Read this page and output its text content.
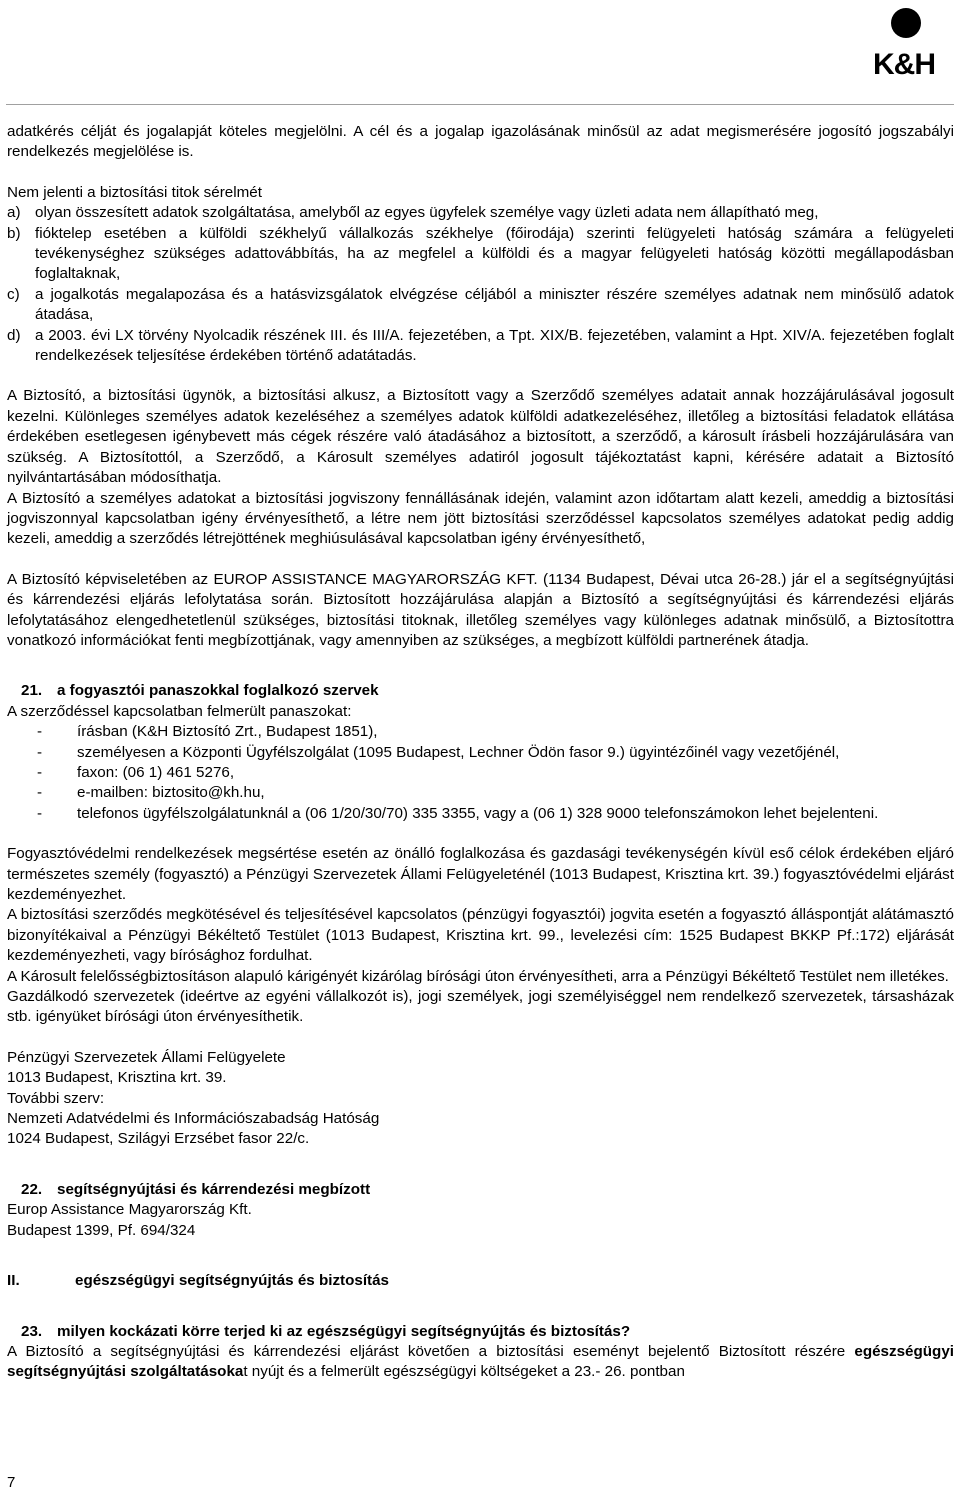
K&H

adatkérés célját és jogalapját köteles megjelölni. A cél és a jogalap igazolásának minősül az adat megismerésére jogosító jogszabályi rendelkezés megjelölése is.

Nem jelenti a biztosítási titok sérelmét

a) olyan összesített adatok szolgáltatása, amelyből az egyes ügyfelek személye vagy üzleti adata nem állapítható meg,
b) fióktelep esetében a külföldi székhelyű vállalkozás székhelye (főirodája) szerinti felügyeleti hatóság számára a felügyeleti tevékenységhez szükséges adattovábbítás, ha az megfelel a külföldi és a magyar felügyeleti hatóság közötti megállapodásban foglaltaknak,
c)	a jogalkotás megalapozása és a hatásvizsgálatok elvégzése céljából a miniszter részére személyes adatnak nem minősülő adatok átadása,
d) a 2003. évi LX törvény Nyolcadik részének III. és III/A. fejezetében, a Tpt. XIX/B. fejezetében, valamint a Hpt. XIV/A. fejezetében foglalt rendelkezések teljesítése érdekében történő adatátadás.

A Biztosító, a biztosítási ügynök, a biztosítási alkusz, a Biztosított vagy a Szerződő személyes adatait annak hozzájárulásával jogosult kezelni. Különleges személyes adatok kezeléséhez a személyes adatok külföldi adatkezeléséhez, illetőleg a biztosítási feladatok ellátása érdekében esetlegesen igénybevett más cégek részére való átadásához a biztosított, a szerződő, a károsult írásbeli hozzájárulására van szükség. A Biztosítottól, a Szerződő, a Károsult személyes adatiról jogosult tájékoztatást kapni, kérésére adatait a Biztosító nyilvántartásában módosíthatja.

A Biztosító a személyes adatokat a biztosítási jogviszony fennállásának idején, valamint azon időtartam alatt kezeli, ameddig a biztosítási jogviszonnyal kapcsolatban igény érvényesíthető, a létre nem jött biztosítási szerződéssel kapcsolatos személyes adatokat pedig addig kezeli, ameddig a szerződés létrejöttének meghiúsulásával kapcsolatban igény érvényesíthető,

A Biztosító képviseletében az EUROP ASSISTANCE MAGYARORSZÁG KFT. (1134 Budapest, Dévai utca 26-28.) jár el a segítségnyújtási és kárrendezési eljárás lefolytatása során. Biztosított hozzájárulása alapján a Biztosító a segítségnyújtási és kárrendezési eljárás lefolytatásához elengedhetetlenül szükséges, biztosítási titoknak, illetőleg személyes vagy különleges adatnak minősülő, a Biztosítottra vonatkozó információkat fenti megbízottjának, vagy amennyiben az szükséges, a megbízott külföldi partnerének átadja.

21. a fogyasztói panaszokkal foglalkozó szervek

A szerződéssel kapcsolatban felmerült panaszokat:

-	írásban (K&H Biztosító Zrt., Budapest 1851),
-	személyesen a Központi Ügyfélszolgálat (1095 Budapest, Lechner Ödön fasor 9.) ügyintézőinél vagy vezetőjénél,
-	faxon: (06 1) 461 5276,
-	e-mailben: biztosito@kh.hu,
-	telefonos ügyfélszolgálatunknál a (06 1/20/30/70) 335 3355, vagy a (06 1) 328 9000 telefonszámokon lehet bejelenteni.

Fogyasztóvédelmi rendelkezések megsértése esetén az önálló foglalkozása és gazdasági tevékenységén kívül eső célok érdekében eljáró természetes személy (fogyasztó) a Pénzügyi Szervezetek Állami Felügyeleténél (1013 Budapest, Krisztina krt. 39.) fogyasztóvédelmi eljárást kezdeményezhet.

A biztosítási szerződés megkötésével és teljesítésével kapcsolatos (pénzügyi fogyasztói) jogvita esetén a fogyasztó álláspontját alátámasztó bizonyítékaival a Pénzügyi Békéltető Testület (1013 Budapest, Krisztina krt. 99., levelezési cím: 1525 Budapest BKKP Pf.:172) eljárását kezdeményezheti, vagy bírósághoz fordulhat.

A Károsult felelősségbiztosításon alapuló kárigényét kizárólag bírósági úton érvényesítheti, arra a Pénzügyi Békéltető Testület nem illetékes.

Gazdálkodó szervezetek (ideértve az egyéni vállalkozót is), jogi személyek, jogi személyiséggel nem rendelkező szervezetek, társasházak stb. igényüket bírósági úton érvényesíthetik.

Pénzügyi Szervezetek Állami Felügyelete

1013 Budapest, Krisztina krt. 39.

További szerv:

Nemzeti Adatvédelmi és Információszabadság Hatóság

1024 Budapest, Szilágyi Erzsébet fasor 22/c.

22. segítségnyújtási és kárrendezési megbízott

Europ Assistance Magyarország Kft.

Budapest 1399, Pf. 694/324

II.	egészségügyi segítségnyújtás és biztosítás
23. milyen kockázati körre terjed ki az egészségügyi segítségnyújtás és biztosítás?

A Biztosító a segítségnyújtási és kárrendezési eljárást követően a biztosítási eseményt bejelentő Biztosított részére egészségügyi segítségnyújtási szolgáltatásokat nyújt és a felmerült egészségügyi költségeket a 23.- 26. pontban

7
